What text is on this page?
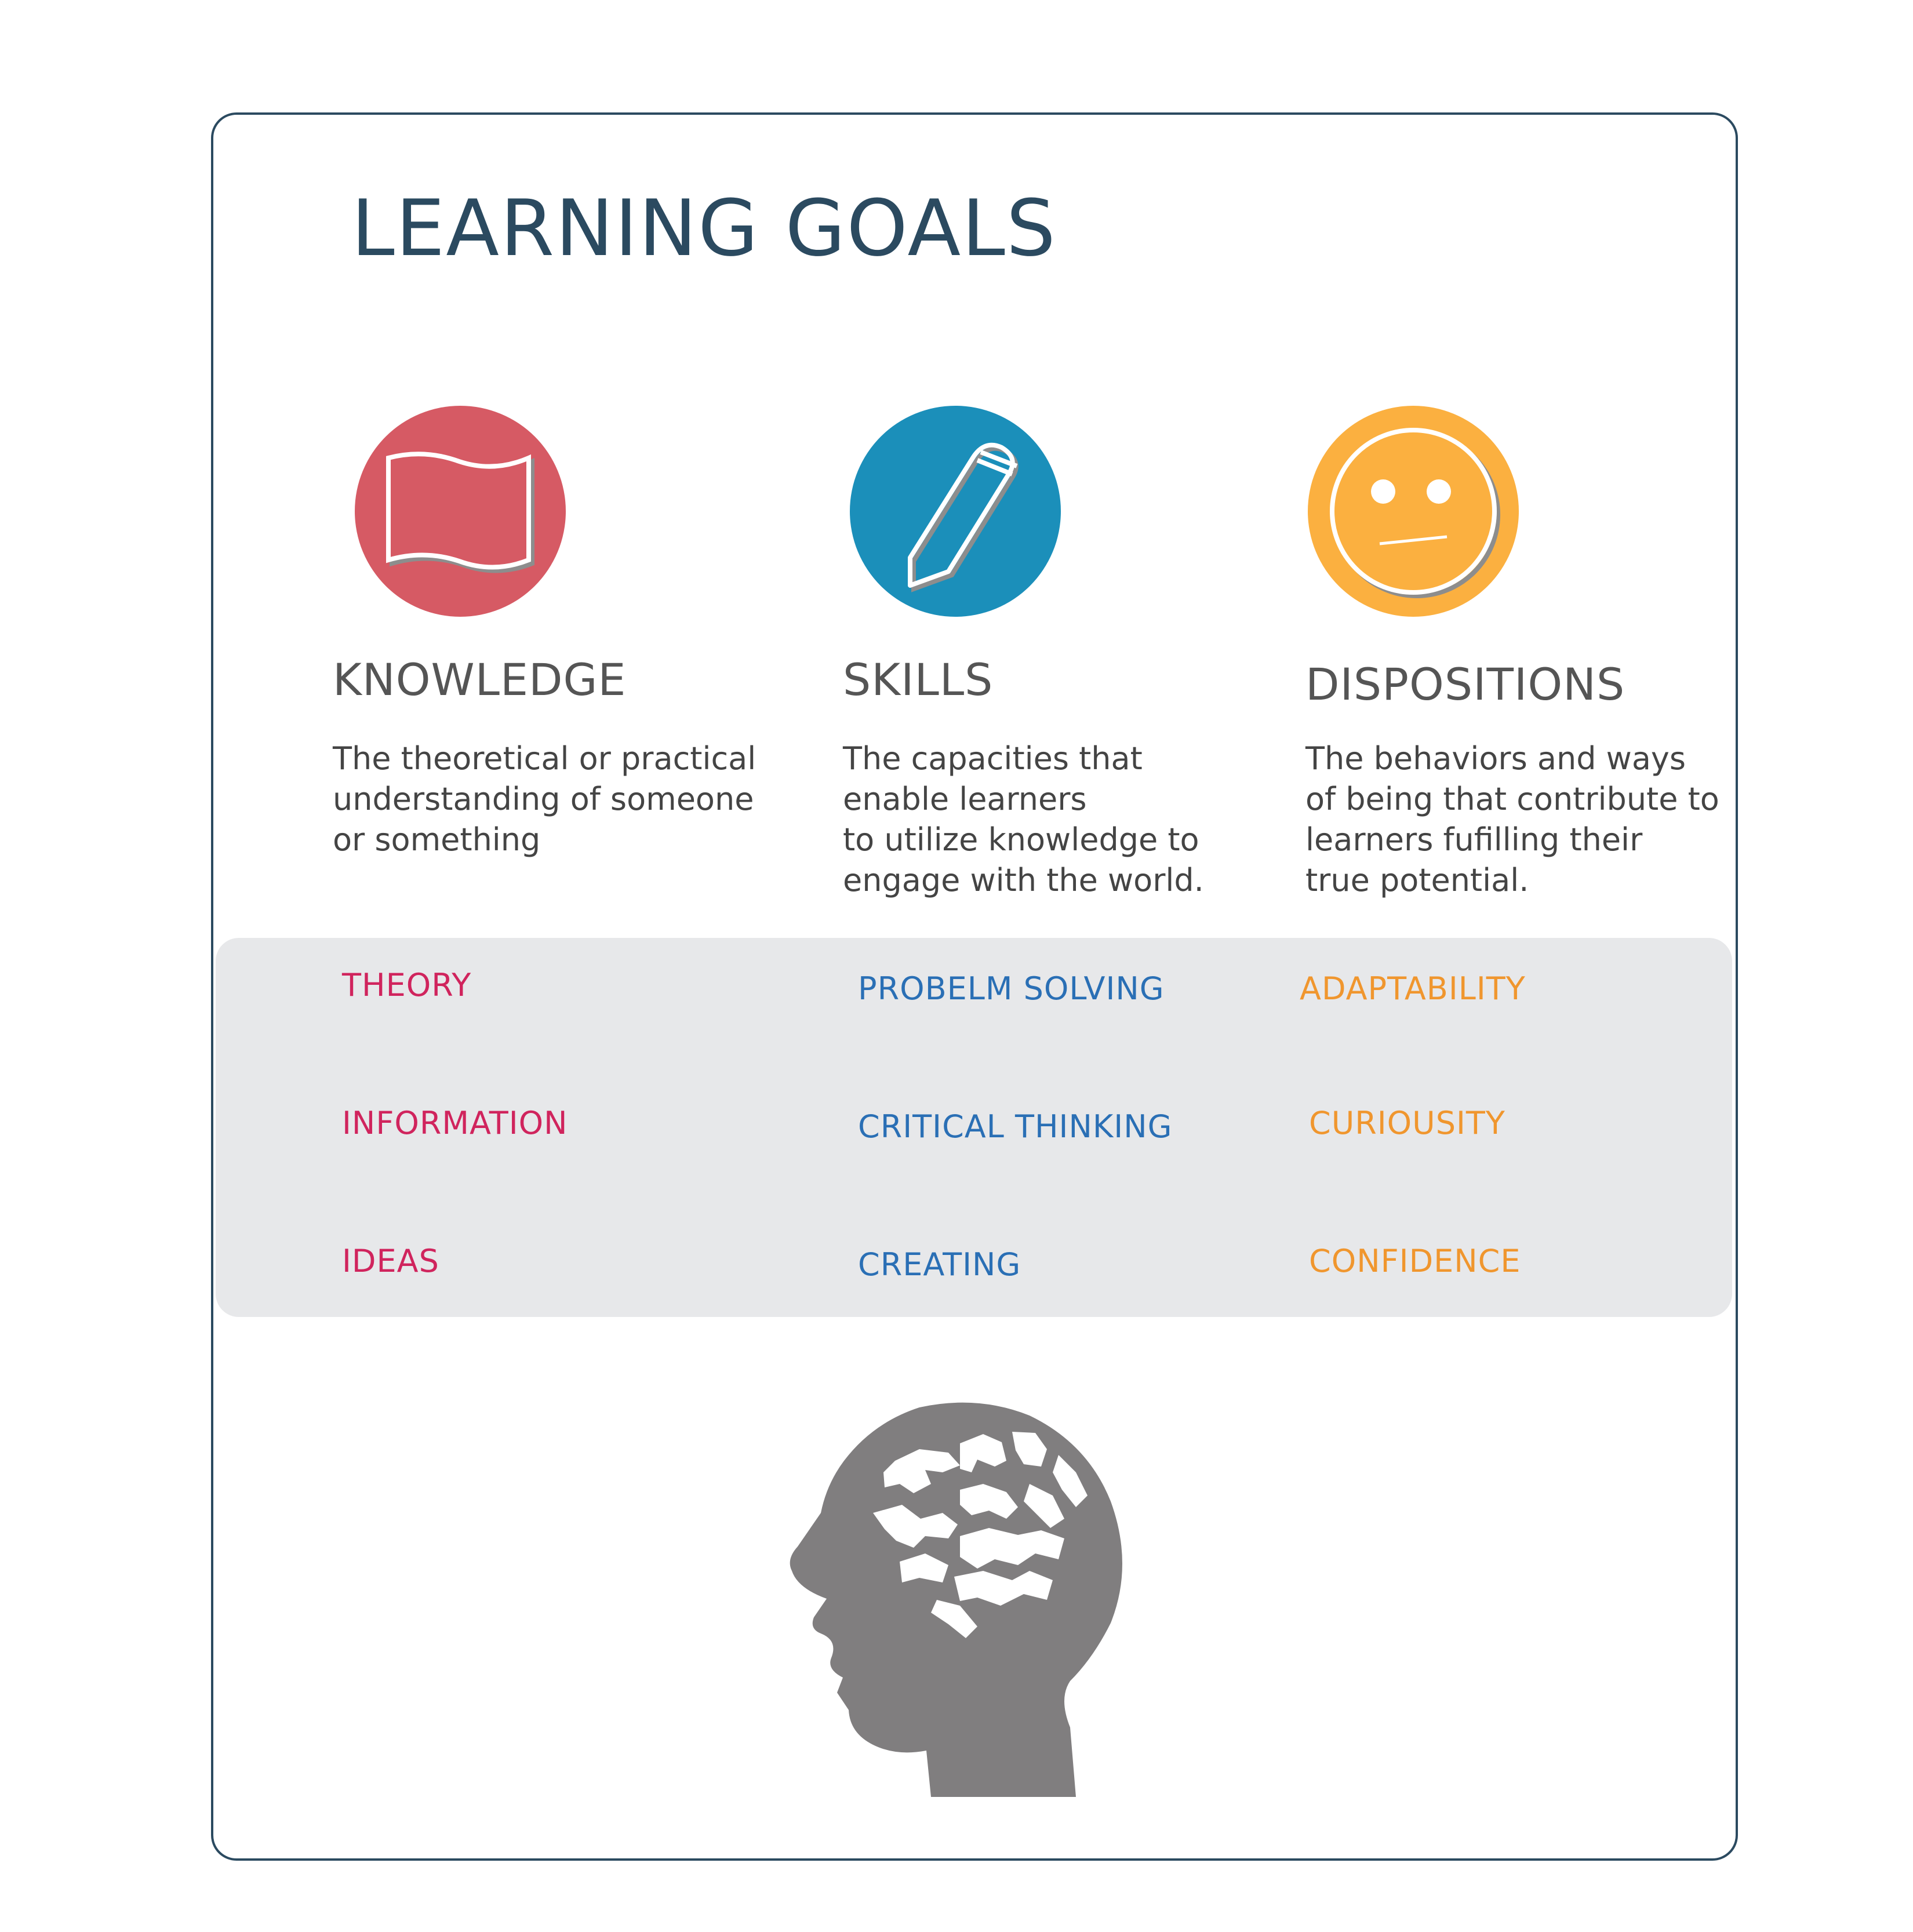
LEARNING GOALS
KNOWLEDGE	SKILLS	DISPOSITIONS
The theoretical or practical
understanding of someone
or something
The capacities that
enable learners
to utilize knowledge to
engage with the world.
The behaviors and ways
of being that contribute to
learners fufilling their
true potential.
THEORY
INFORMATION
IDEAS
PROBELM SOLVING
CRITICAL THINKING
CREATING
ADAPTABILITY
CURIOUSITY
CONFIDENCE
